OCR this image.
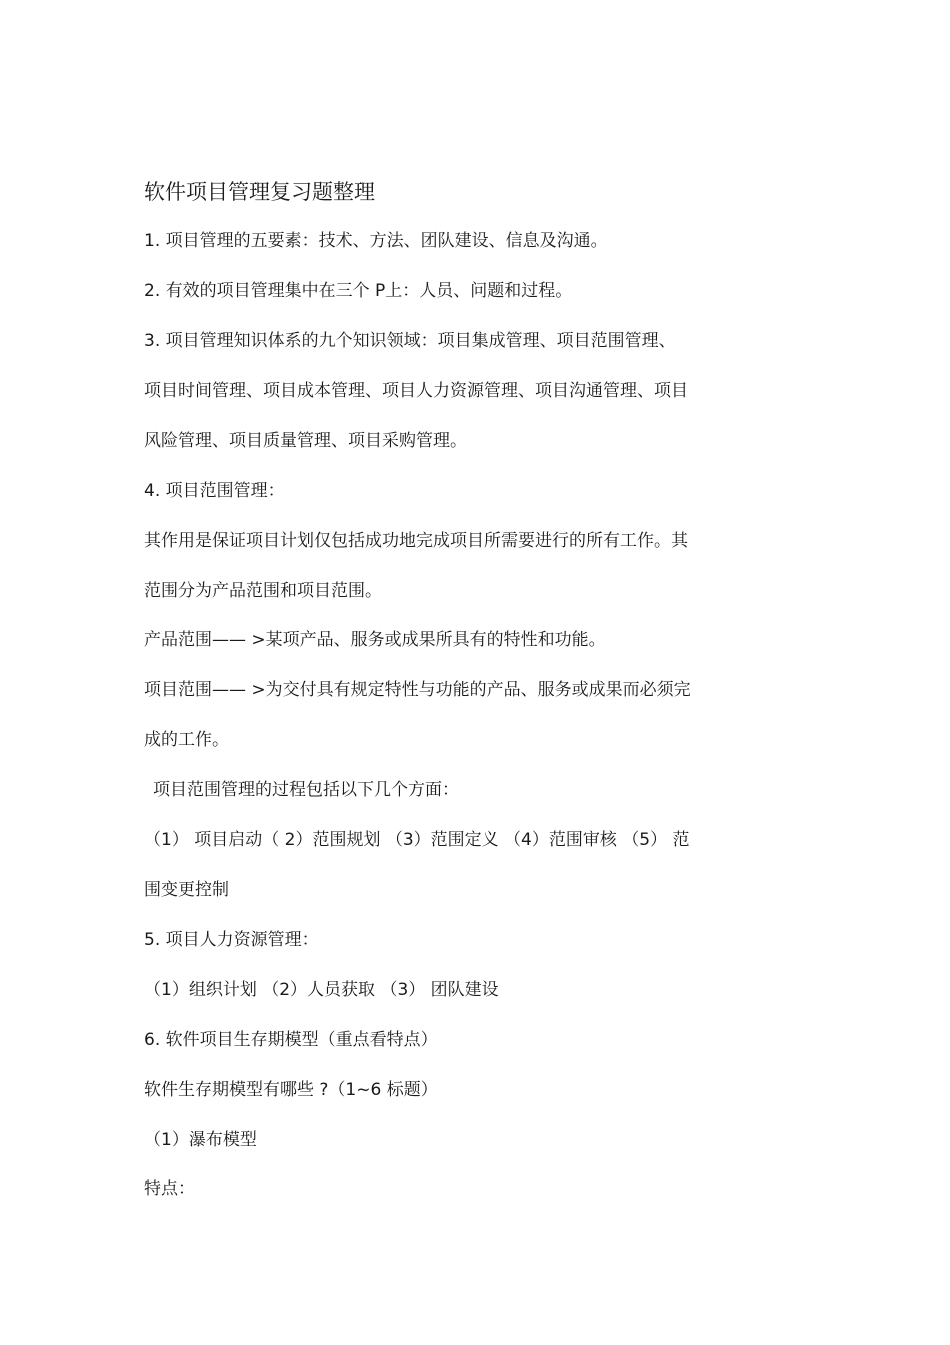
软件项目管理复习题整理
1. 项目管理的五要素：技术、方法、团队建设、信息及沟通。
2. 有效的项目管理集中在三个 P上：人员、问题和过程。
3. 项目管理知识体系的九个知识领域：项目集成管理、项目范围管理、
项目时间管理、项目成本管理、项目人力资源管理、项目沟通管理、项目
风险管理、项目质量管理、项目采购管理。
4. 项目范围管理：
其作用是保证项目计划仅包括成功地完成项目所需要进行的所有工作。其
范围分为产品范围和项目范围。
产品范围—— >某项产品、服务或成果所具有的特性和功能。
项目范围—— >为交付具有规定特性与功能的产品、服务或成果而必须完
成的工作。
项目范围管理的过程包括以下几个方面：
（1） 项目启动（ 2）范围规划 （3）范围定义 （4）范围审核 （5） 范
围变更控制
5. 项目人力资源管理：
（1）组织计划 （2）人员获取 （3） 团队建设
6. 软件项目生存期模型（重点看特点）
软件生存期模型有哪些 ?（1~6 标题）
（1）瀑布模型
特点：
